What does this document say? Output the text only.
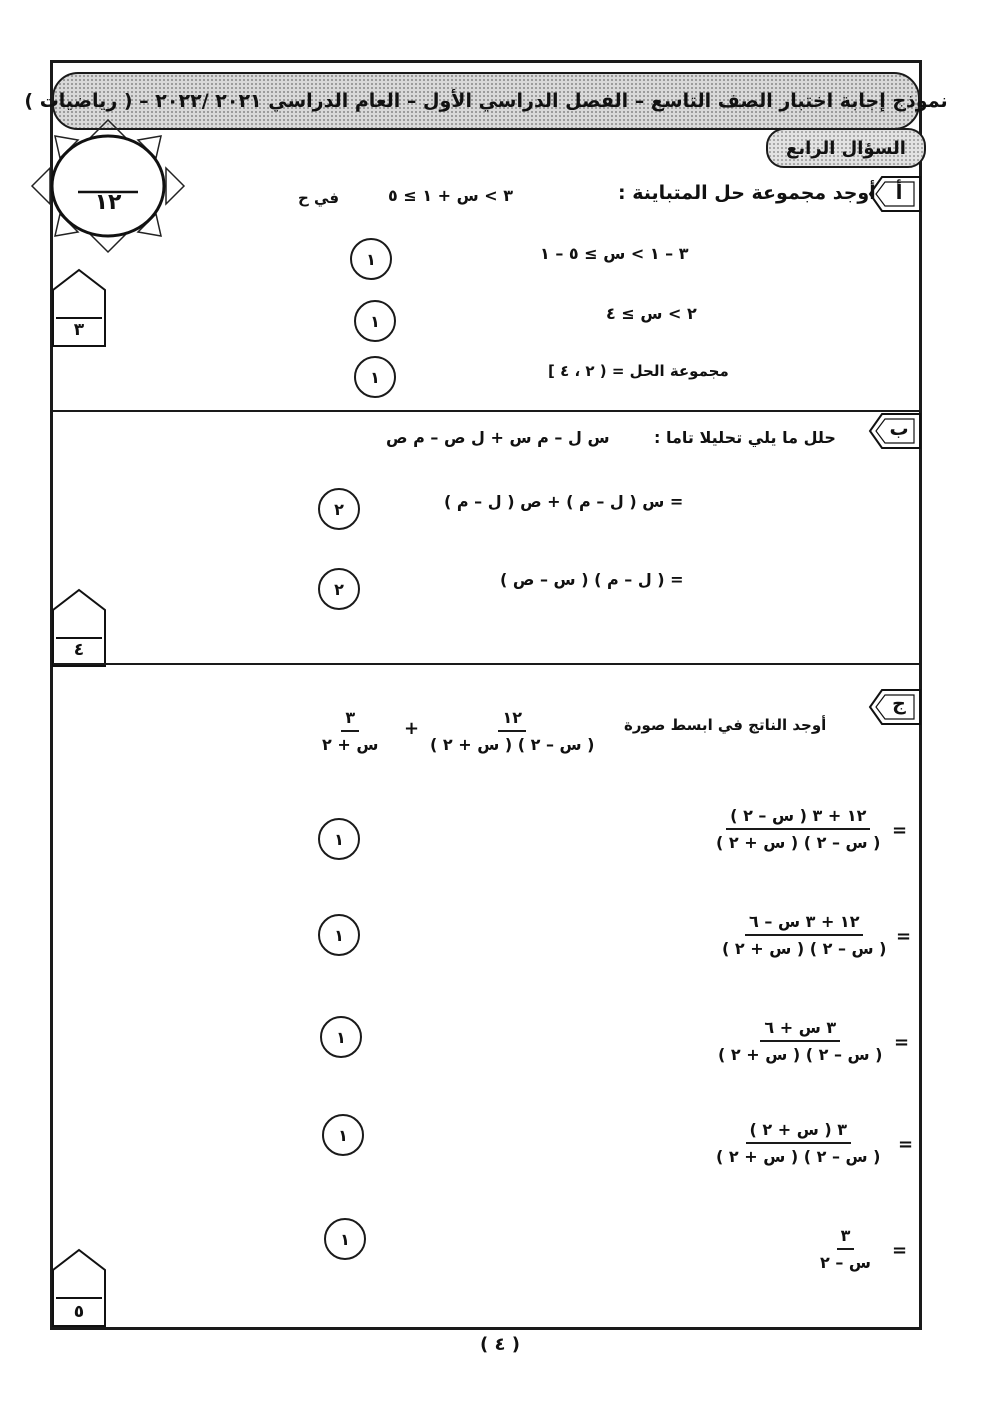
نموذج إجابة اختبار الصف التاسع – الفصل الدراسي الأول – العام الدراسي ٢٠٢١ /٢٠٢٢ – ( رياضيات )
السؤال الرابع
١٢	أ
أوجد مجموعة حل المتباينة :
٣ > س + ١ ≥ ٥
في ح
٣ – ١ > س ≥ ٥ – ١
١
٢ > س ≥ ٤
١
مجموعة الحل = ( ٢ ، ٤ ]
١
٣
ب
حلل ما يلي تحليلا تاما :
س ل – م س + ل ص – م ص
= س ( ل – م ) + ص ( ل – م )
٢
= ( ل – م ) ( س – ص )
٢
٤
ج
أوجد الناتج في ابسط صورة
١٢
( س – ٢ ) ( س + ٢ )
+
٣
س + ٢
١٢ + ٣ ( س – ٢ )
( س – ٢ ) ( س + ٢ )
=
١
١٢ + ٣ س – ٦
( س – ٢ ) ( س + ٢ )
=
١
٣ س + ٦
( س – ٢ ) ( س + ٢ )
=
١
٣ ( س + ٢ )
( س – ٢ ) ( س + ٢ )
=
١
٣
س – ٢
=
١
٥
( ٤ )
